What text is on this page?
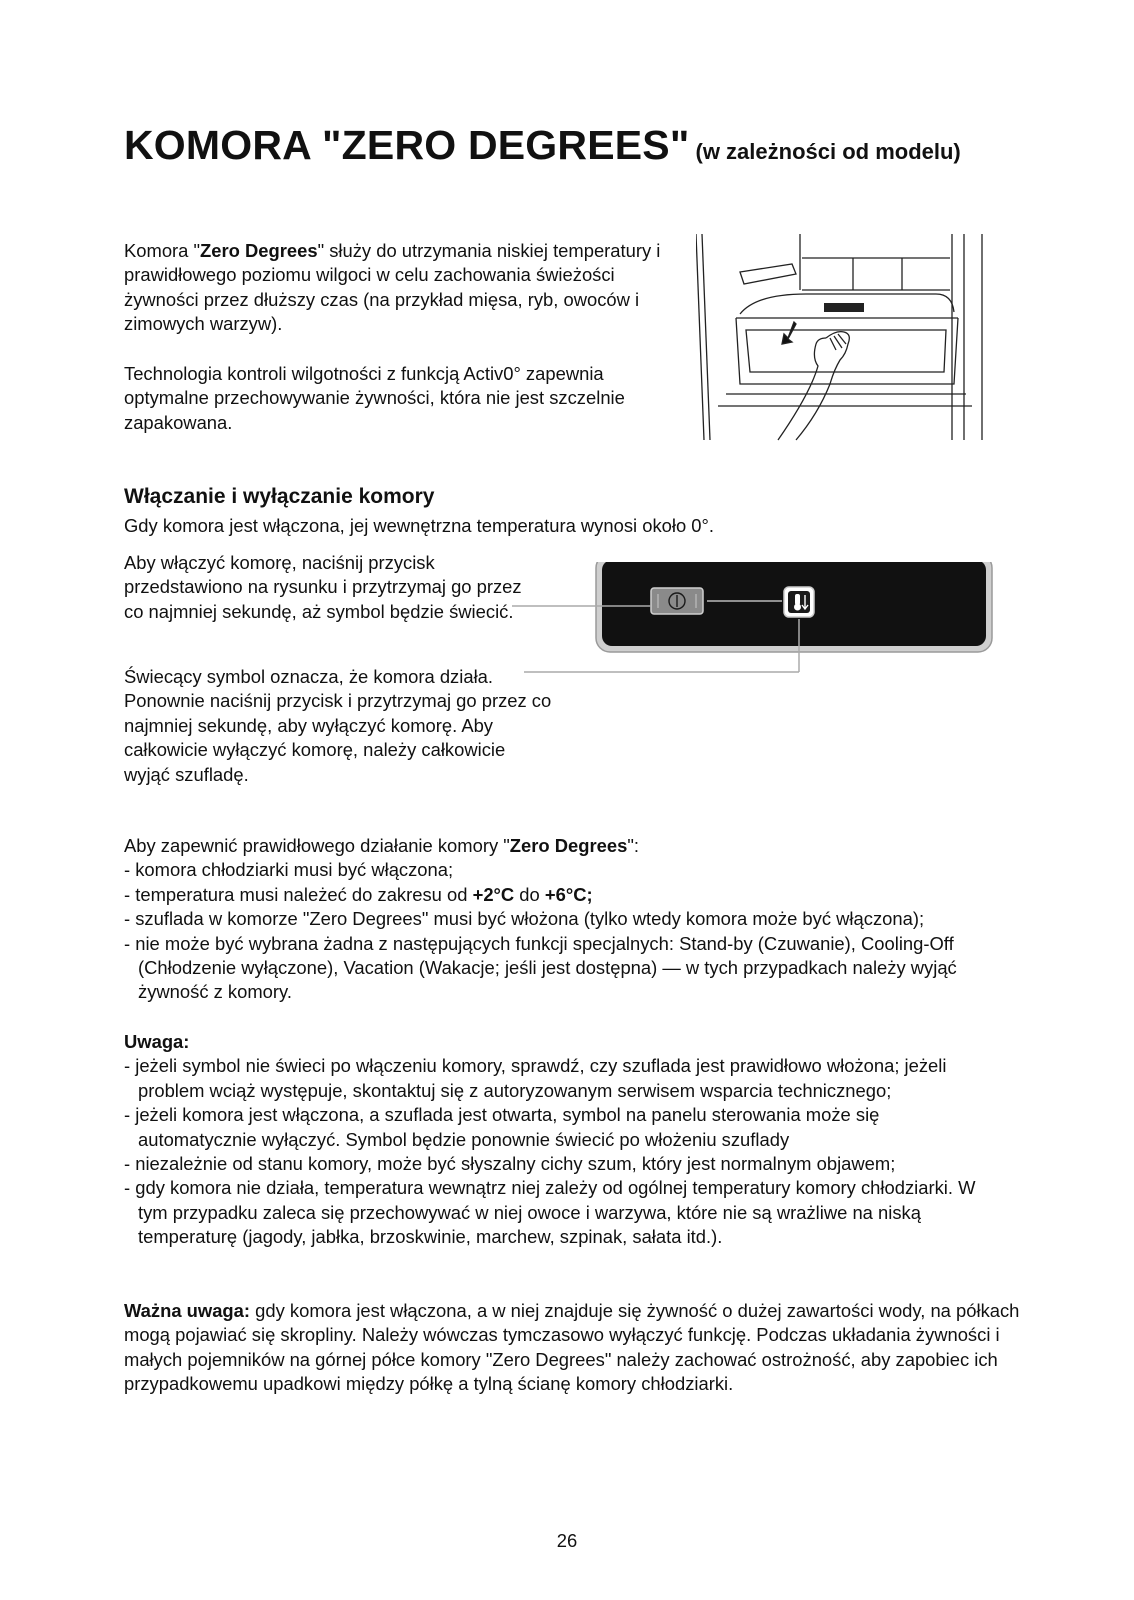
KOMORA "ZERO DEGREES" (w zależności od modelu)
Komora "Zero Degrees" służy do utrzymania niskiej temperatury i prawidłowego poziomu wilgoci w celu zachowania świeżości żywności przez dłuższy czas (na przykład mięsa, ryb, owoców i zimowych warzyw).
Technologia kontroli wilgotności z funkcją Activ0° zapewnia optymalne przechowywanie żywności, która nie jest szczelnie zapakowana.
Włączanie i wyłączanie komory
Gdy komora jest włączona, jej wewnętrzna temperatura wynosi około 0°.
Aby włączyć komorę, naciśnij przycisk przedstawiono na rysunku i przytrzymaj go przez co najmniej sekundę, aż symbol będzie świecić.
Świecący symbol oznacza, że komora działa. Ponownie naciśnij przycisk i przytrzymaj go przez co najmniej sekundę, aby wyłączyć komorę. Aby całkowicie wyłączyć komorę, należy całkowicie wyjąć szufladę.

Aby zapewnić prawidłowego działanie komory "Zero Degrees":

- komora chłodziarki musi być włączona;

- temperatura musi należeć do zakresu od +2°C do +6°C;

- szuflada w komorze "Zero Degrees" musi być włożona (tylko wtedy komora może być włączona);

- nie może być wybrana żadna z następujących funkcji specjalnych: Stand-by (Czuwanie), Cooling-Off (Chłodzenie wyłączone), Vacation (Wakacje; jeśli jest dostępna) — w tych przypadkach należy wyjąć żywność z komory.

Uwaga:

- jeżeli symbol nie świeci po włączeniu komory, sprawdź, czy szuflada jest prawidłowo włożona; jeżeli problem wciąż występuje, skontaktuj się z autoryzowanym serwisem wsparcia technicznego;

- jeżeli komora jest włączona, a szuflada jest otwarta, symbol na panelu sterowania może się automatycznie wyłączyć. Symbol będzie ponownie świecić po włożeniu szuflady

- niezależnie od stanu komory, może być słyszalny cichy szum, który jest normalnym objawem;

- gdy komora nie działa, temperatura wewnątrz niej zależy od ogólnej temperatury komory chłodziarki. W tym przypadku zaleca się przechowywać w niej owoce i warzywa, które nie są wrażliwe na niską temperaturę (jagody, jabłka, brzoskwinie, marchew, szpinak, sałata itd.).

Ważna uwaga: gdy komora jest włączona, a w niej znajduje się żywność o dużej zawartości wody, na półkach mogą pojawiać się skropliny. Należy wówczas tymczasowo wyłączyć funkcję. Podczas układania żywności i małych pojemników na górnej półce komory "Zero Degrees" należy zachować ostrożność, aby zapobiec ich przypadkowemu upadkowi między półkę a tylną ścianę komory chłodziarki.
26
